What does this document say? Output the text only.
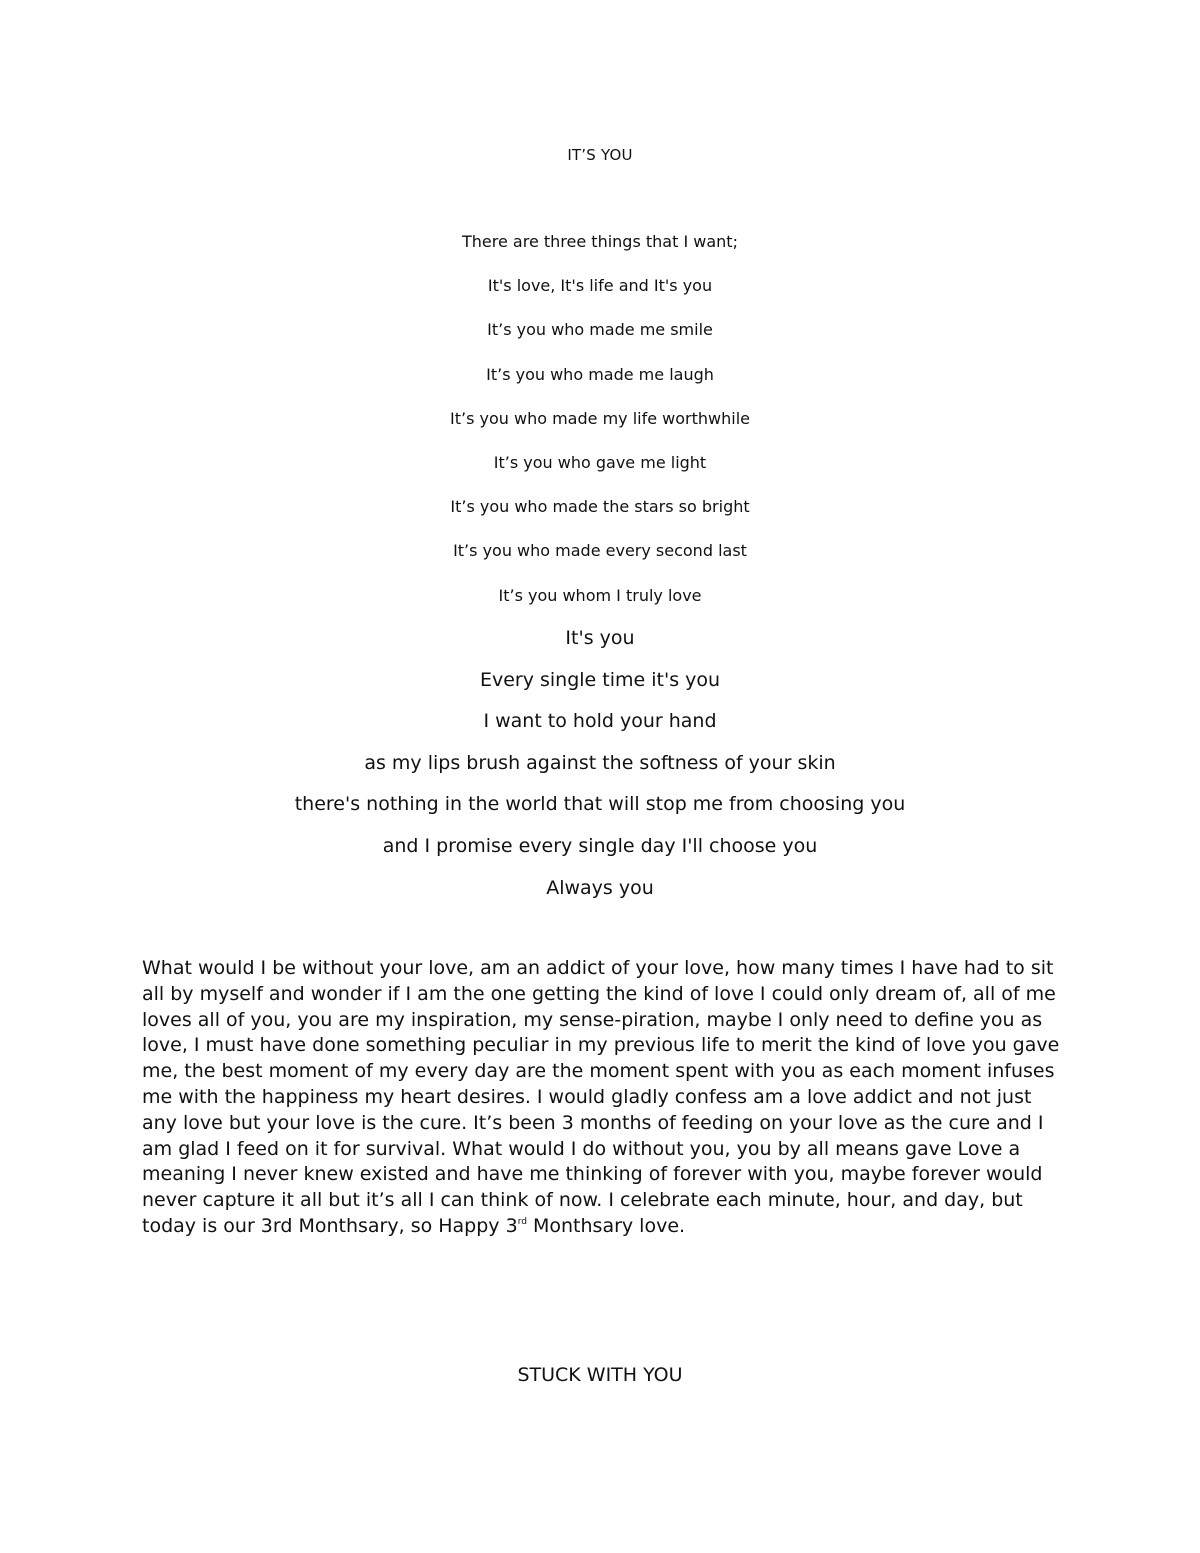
IT’S YOU
There are three things that I want;
It's love, It's life and It's you
It’s you who made me smile
It’s you who made me laugh
It’s you who made my life worthwhile
It’s you who gave me light
It’s you who made the stars so bright
It’s you who made every second last
It’s you whom I truly love
It's you
Every single time it's you
I want to hold your hand
as my lips brush against the softness of your skin
there's nothing in the world that will stop me from choosing you
and I promise every single day I'll choose you
Always you
What would I be without your love, am an addict of your love, how many times I have had to sit all by myself and wonder if I am the one getting the kind of love I could only dream of, all of me loves all of you, you are my inspiration, my sense-piration, maybe I only need to define you as love, I must have done something peculiar in my previous life to merit the kind of love you gave me, the best moment of my every day are the moment spent with you as each moment infuses me with the happiness my heart desires. I would gladly confess am a love addict and not just any love but your love is the cure. It’s been 3 months of feeding on your love as the cure and I am glad I feed on it for survival. What would I do without you, you by all means gave Love a meaning I never knew existed and have me thinking of forever with you, maybe forever would never capture it all but it’s all I can think of now. I celebrate each minute, hour, and day, but today is our 3rd Monthsary, so Happy 3rd Monthsary love.
STUCK WITH YOU
